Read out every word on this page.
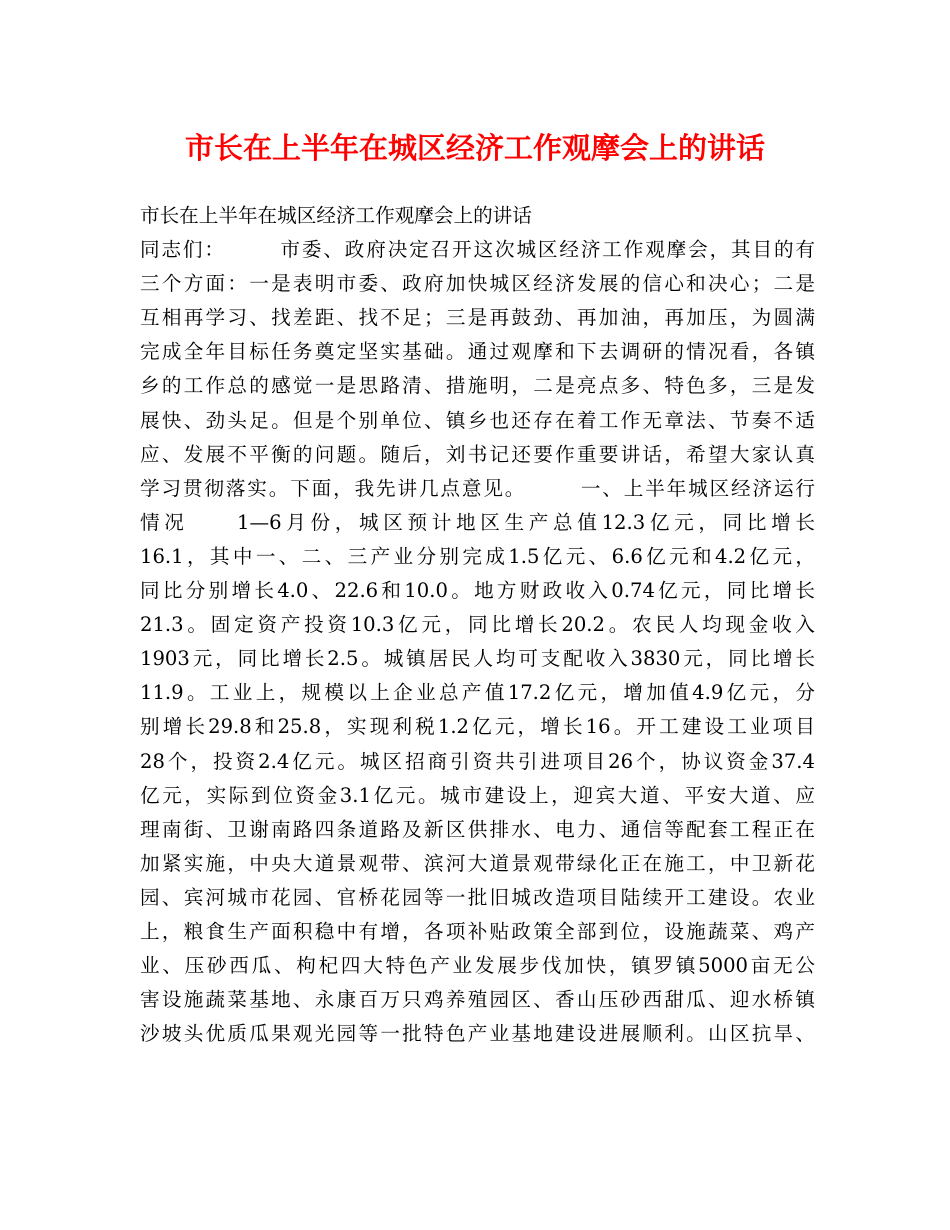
市长在上半年在城区经济工作观摩会上的讲话
市长在上半年在城区经济工作观摩会上的讲话
同志们：　　　市委、政府决定召开这次城区经济工作观摩会，其目的有
三个方面：一是表明市委、政府加快城区经济发展的信心和决心；二是
互相再学习、找差距、找不足；三是再鼓劲、再加油，再加压，为圆满
完成全年目标任务奠定坚实基础。通过观摩和下去调研的情况看，各镇
乡的工作总的感觉一是思路清、措施明，二是亮点多、特色多，三是发
展快、劲头足。但是个别单位、镇乡也还存在着工作无章法、节奏不适
应、发展不平衡的问题。随后，刘书记还要作重要讲话，希望大家认真
学习贯彻落实。下面，我先讲几点意见。　　　一、上半年城区经济运行
情况　　1—6月份，城区预计地区生产总值12.3亿元，同比增长
16.1，其中一、二、三产业分别完成1.5亿元、6.6亿元和4.2亿元，
同比分别增长4.0、22.6和10.0。地方财政收入0.74亿元，同比增长
21.3。固定资产投资10.3亿元，同比增长20.2。农民人均现金收入
1903元，同比增长2.5。城镇居民人均可支配收入3830元，同比增长
11.9。工业上，规模以上企业总产值17.2亿元，增加值4.9亿元，分
别增长29.8和25.8，实现利税1.2亿元，增长16。开工建设工业项目
28个，投资2.4亿元。城区招商引资共引进项目26个，协议资金37.4
亿元，实际到位资金3.1亿元。城市建设上，迎宾大道、平安大道、应
理南街、卫谢南路四条道路及新区供排水、电力、通信等配套工程正在
加紧实施，中央大道景观带、滨河大道景观带绿化正在施工，中卫新花
园、宾河城市花园、官桥花园等一批旧城改造项目陆续开工建设。农业
上，粮食生产面积稳中有增，各项补贴政策全部到位，设施蔬菜、鸡产
业、压砂西瓜、枸杞四大特色产业发展步伐加快，镇罗镇5000亩无公
害设施蔬菜基地、永康百万只鸡养殖园区、香山压砂西甜瓜、迎水桥镇
沙坡头优质瓜果观光园等一批特色产业基地建设进展顺利。山区抗旱、
